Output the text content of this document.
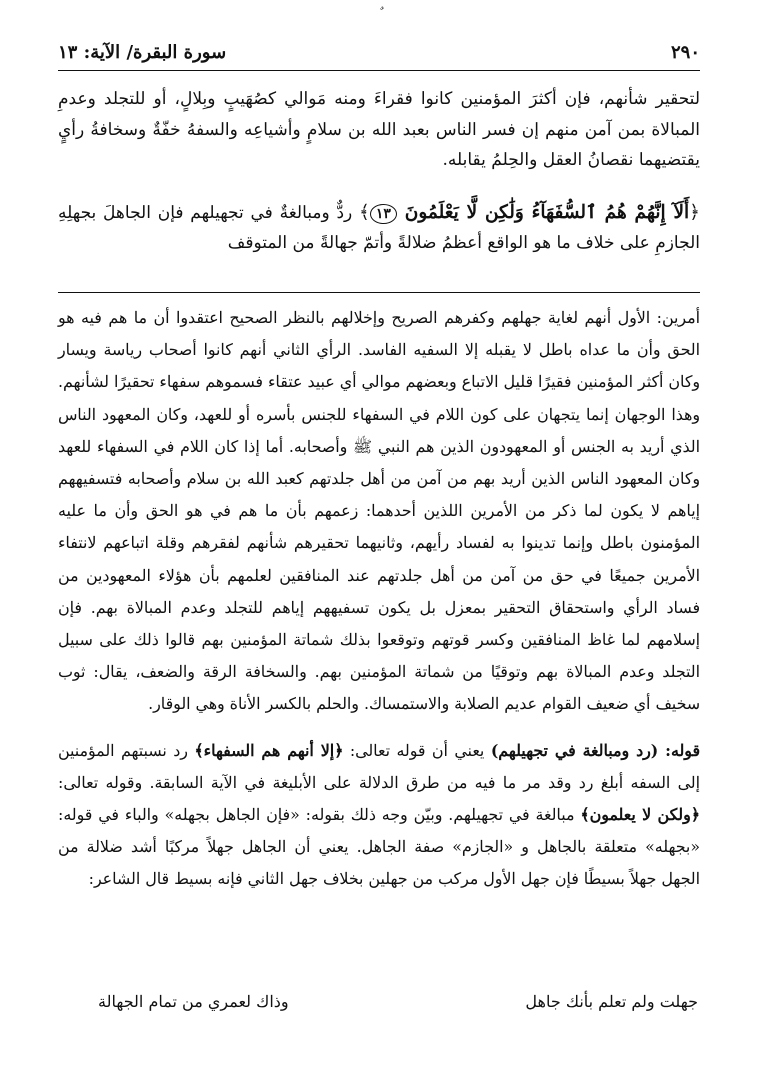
٢٩٠
سورة البقرة/ الآية: ١٣

لتحقير شأنهم، فإن أكثرَ المؤمنين كانوا فقراءَ ومنه مَوالي كصُهَيبٍ وبِلالٍ، أو للتجلد وعدمِ المبالاة بمن آمن منهم إن فسر الناس بعبد الله بن سلامٍ وأشياعِه والسفهُ خفّةٌ وسخافةُ رأيٍ يقتضيهما نقصانُ العقل والحِلمُ يقابله.

﴿أَلَآ إِنَّهُمْ هُمُ ٱلسُّفَهَآءُ وَلَٰكِن لَّا يَعْلَمُونَ ١٣﴾ ردٌّ ومبالغةٌ في تجهيلهم فإن الجاهلَ بجهلِهِ الجازمِ على خلاف ما هو الواقع أعظمُ ضلالةً وأتمّ جهالةً من المتوقف

أمرين: الأول أنهم لغاية جهلهم وكفرهم الصريح وإخلالهم بالنظر الصحيح اعتقدوا أن ما هم فيه هو الحق وأن ما عداه باطل لا يقبله إلا السفيه الفاسد. الرأي الثاني أنهم كانوا أصحاب رياسة ويسار وكان أكثر المؤمنين فقيرًا قليل الاتباع وبعضهم موالي أي عبيد عتقاء فسموهم سفهاء تحقيرًا لشأنهم. وهذا الوجهان إنما يتجهان على كون اللام في السفهاء للجنس بأسره أو للعهد، وكان المعهود الناس الذي أريد به الجنس أو المعهودون الذين هم النبي ﷺ وأصحابه. أما إذا كان اللام في السفهاء للعهد وكان المعهود الناس الذين أريد بهم من آمن من أهل جلدتهم كعبد الله بن سلام وأصحابه فتسفيههم إياهم لا يكون لما ذكر من الأمرين اللذين أحدهما: زعمهم بأن ما هم في هو الحق وأن ما عليه المؤمنون باطل وإنما تدينوا به لفساد رأيهم، وثانيهما تحقيرهم شأنهم لفقرهم وقلة اتباعهم لانتفاء الأمرين جميعًا في حق من آمن من أهل جلدتهم عند المنافقين لعلمهم بأن هؤلاء المعهودين من فساد الرأي واستحقاق التحقير بمعزل بل يكون تسفيههم إياهم للتجلد وعدم المبالاة بهم. فإن إسلامهم لما غاظ المنافقين وكسر قوتهم وتوقعوا بذلك شماتة المؤمنين بهم قالوا ذلك على سبيل التجلد وعدم المبالاة بهم وتوقيًا من شماتة المؤمنين بهم. والسخافة الرقة والضعف، يقال: ثوب سخيف أي ضعيف القوام عديم الصلابة والاستمساك. والحلم بالكسر الأناة وهي الوقار.

قوله: (رد ومبالغة في تجهيلهم) يعني أن قوله تعالى: ﴿إلا أنهم هم السفهاء﴾ رد نسبتهم المؤمنين إلى السفه أبلغ رد وقد مر ما فيه من طرق الدلالة على الأبليغة في الآية السابقة. وقوله تعالى: ﴿ولكن لا يعلمون﴾ مبالغة في تجهيلهم. وبيّن وجه ذلك بقوله: «فإن الجاهل بجهله» والباء في قوله: «بجهله» متعلقة بالجاهل و «الجازم» صفة الجاهل. يعني أن الجاهل جهلاً مركبًا أشد ضلالة من الجهل جهلاً بسيطًا فإن جهل الأول مركب من جهلين بخلاف جهل الثاني فإنه بسيط قال الشاعر:

جهلت ولم تعلم بأنك جاهل
وذاك لعمري من تمام الجهالة
